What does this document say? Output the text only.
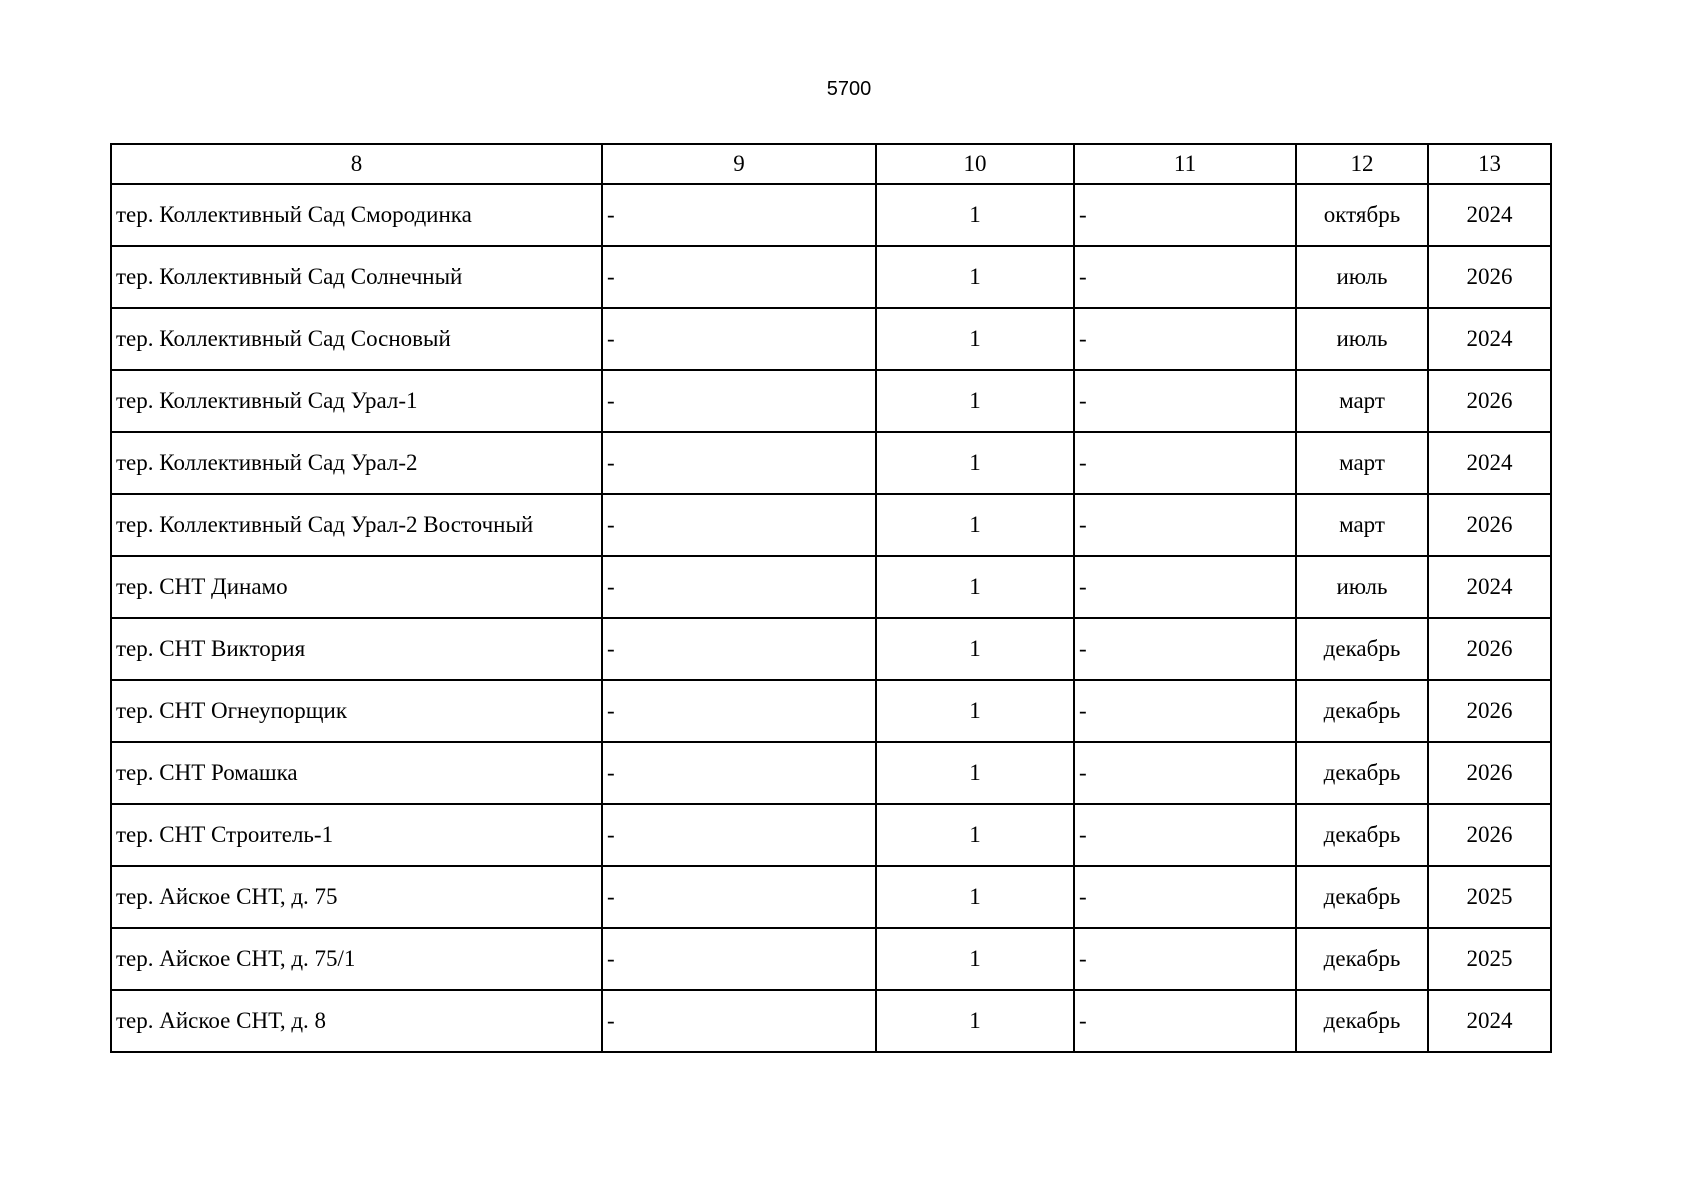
5700
8	9	10	11	12	13
тер. Коллективный Сад Смородинка	-	1	-	октябрь	2024
тер. Коллективный Сад Солнечный	-	1	-	июль	2026
тер. Коллективный Сад Сосновый	-	1	-	июль	2024
тер. Коллективный Сад Урал-1	-	1	-	март	2026
тер. Коллективный Сад Урал-2	-	1	-	март	2024
тер. Коллективный Сад Урал-2 Восточный	-	1	-	март	2026
тер. СНТ Динамо	-	1	-	июль	2024
тер. СНТ Виктория	-	1	-	декабрь	2026
тер. СНТ Огнеупорщик	-	1	-	декабрь	2026
тер. СНТ Ромашка	-	1	-	декабрь	2026
тер. СНТ Строитель-1	-	1	-	декабрь	2026
тер. Айское СНТ, д. 75	-	1	-	декабрь	2025
тер. Айское СНТ, д. 75/1	-	1	-	декабрь	2025
тер. Айское СНТ, д. 8	-	1	-	декабрь	2024
